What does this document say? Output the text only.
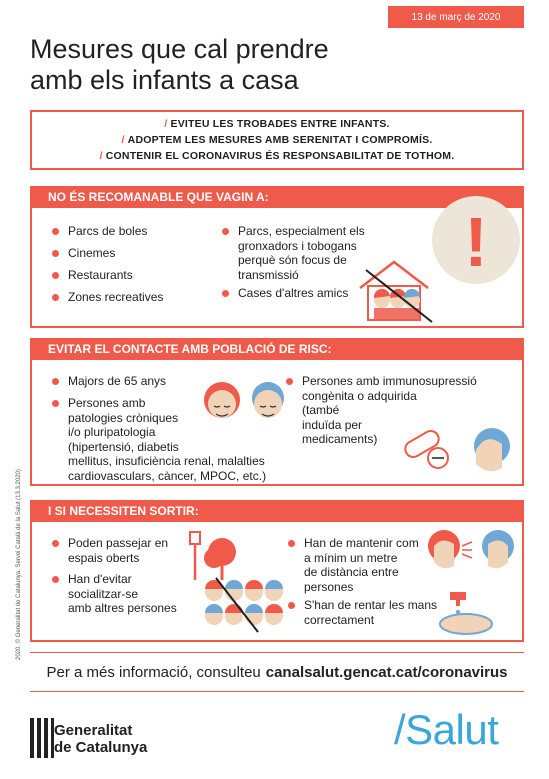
13 de març de 2020
Mesures que cal prendre
amb els infants a casa
/ EVITEU LES TROBADES ENTRE INFANTS.
/ ADOPTEM LES MESURES AMB SERENITAT I COMPROMÍS.
/ CONTENIR EL CORONAVIRUS ÉS RESPONSABILITAT DE TOTHOM.
NO ÉS RECOMANABLE QUE VAGIN A:
Parcs de boles
Cinemes
Restaurants
Zones recreatives
Parcs, especialment els
gronxadors i tobogans
perquè són focus de
transmissió
Cases d'altres amics
!
EVITAR EL CONTACTE AMB POBLACIÓ DE RISC:
Majors de 65 anys
Persones amb
patologies cròniques
i/o pluripatologia
(hipertensió, diabetis
mellitus, insuficiència renal, malalties
cardiovasculars, càncer, MPOC, etc.)
Persones amb immunosupressió
congènita o adquirida
(també
induïda per
medicaments)
I SI NECESSITEN SORTIR:
Poden passejar en
espais oberts
Han d'evitar
socialitzar-se
amb altres persones
Han de mantenir com
a mínim un metre
de distància entre
persones
S'han de rentar les mans
correctament
2020. © Generalitat de Catalunya. Servei Català de la Salut (13.3.2020)
Per a més informació, consulteu canalsalut.gencat.cat/coronavirus
Generalitat
de Catalunya	/Salut
